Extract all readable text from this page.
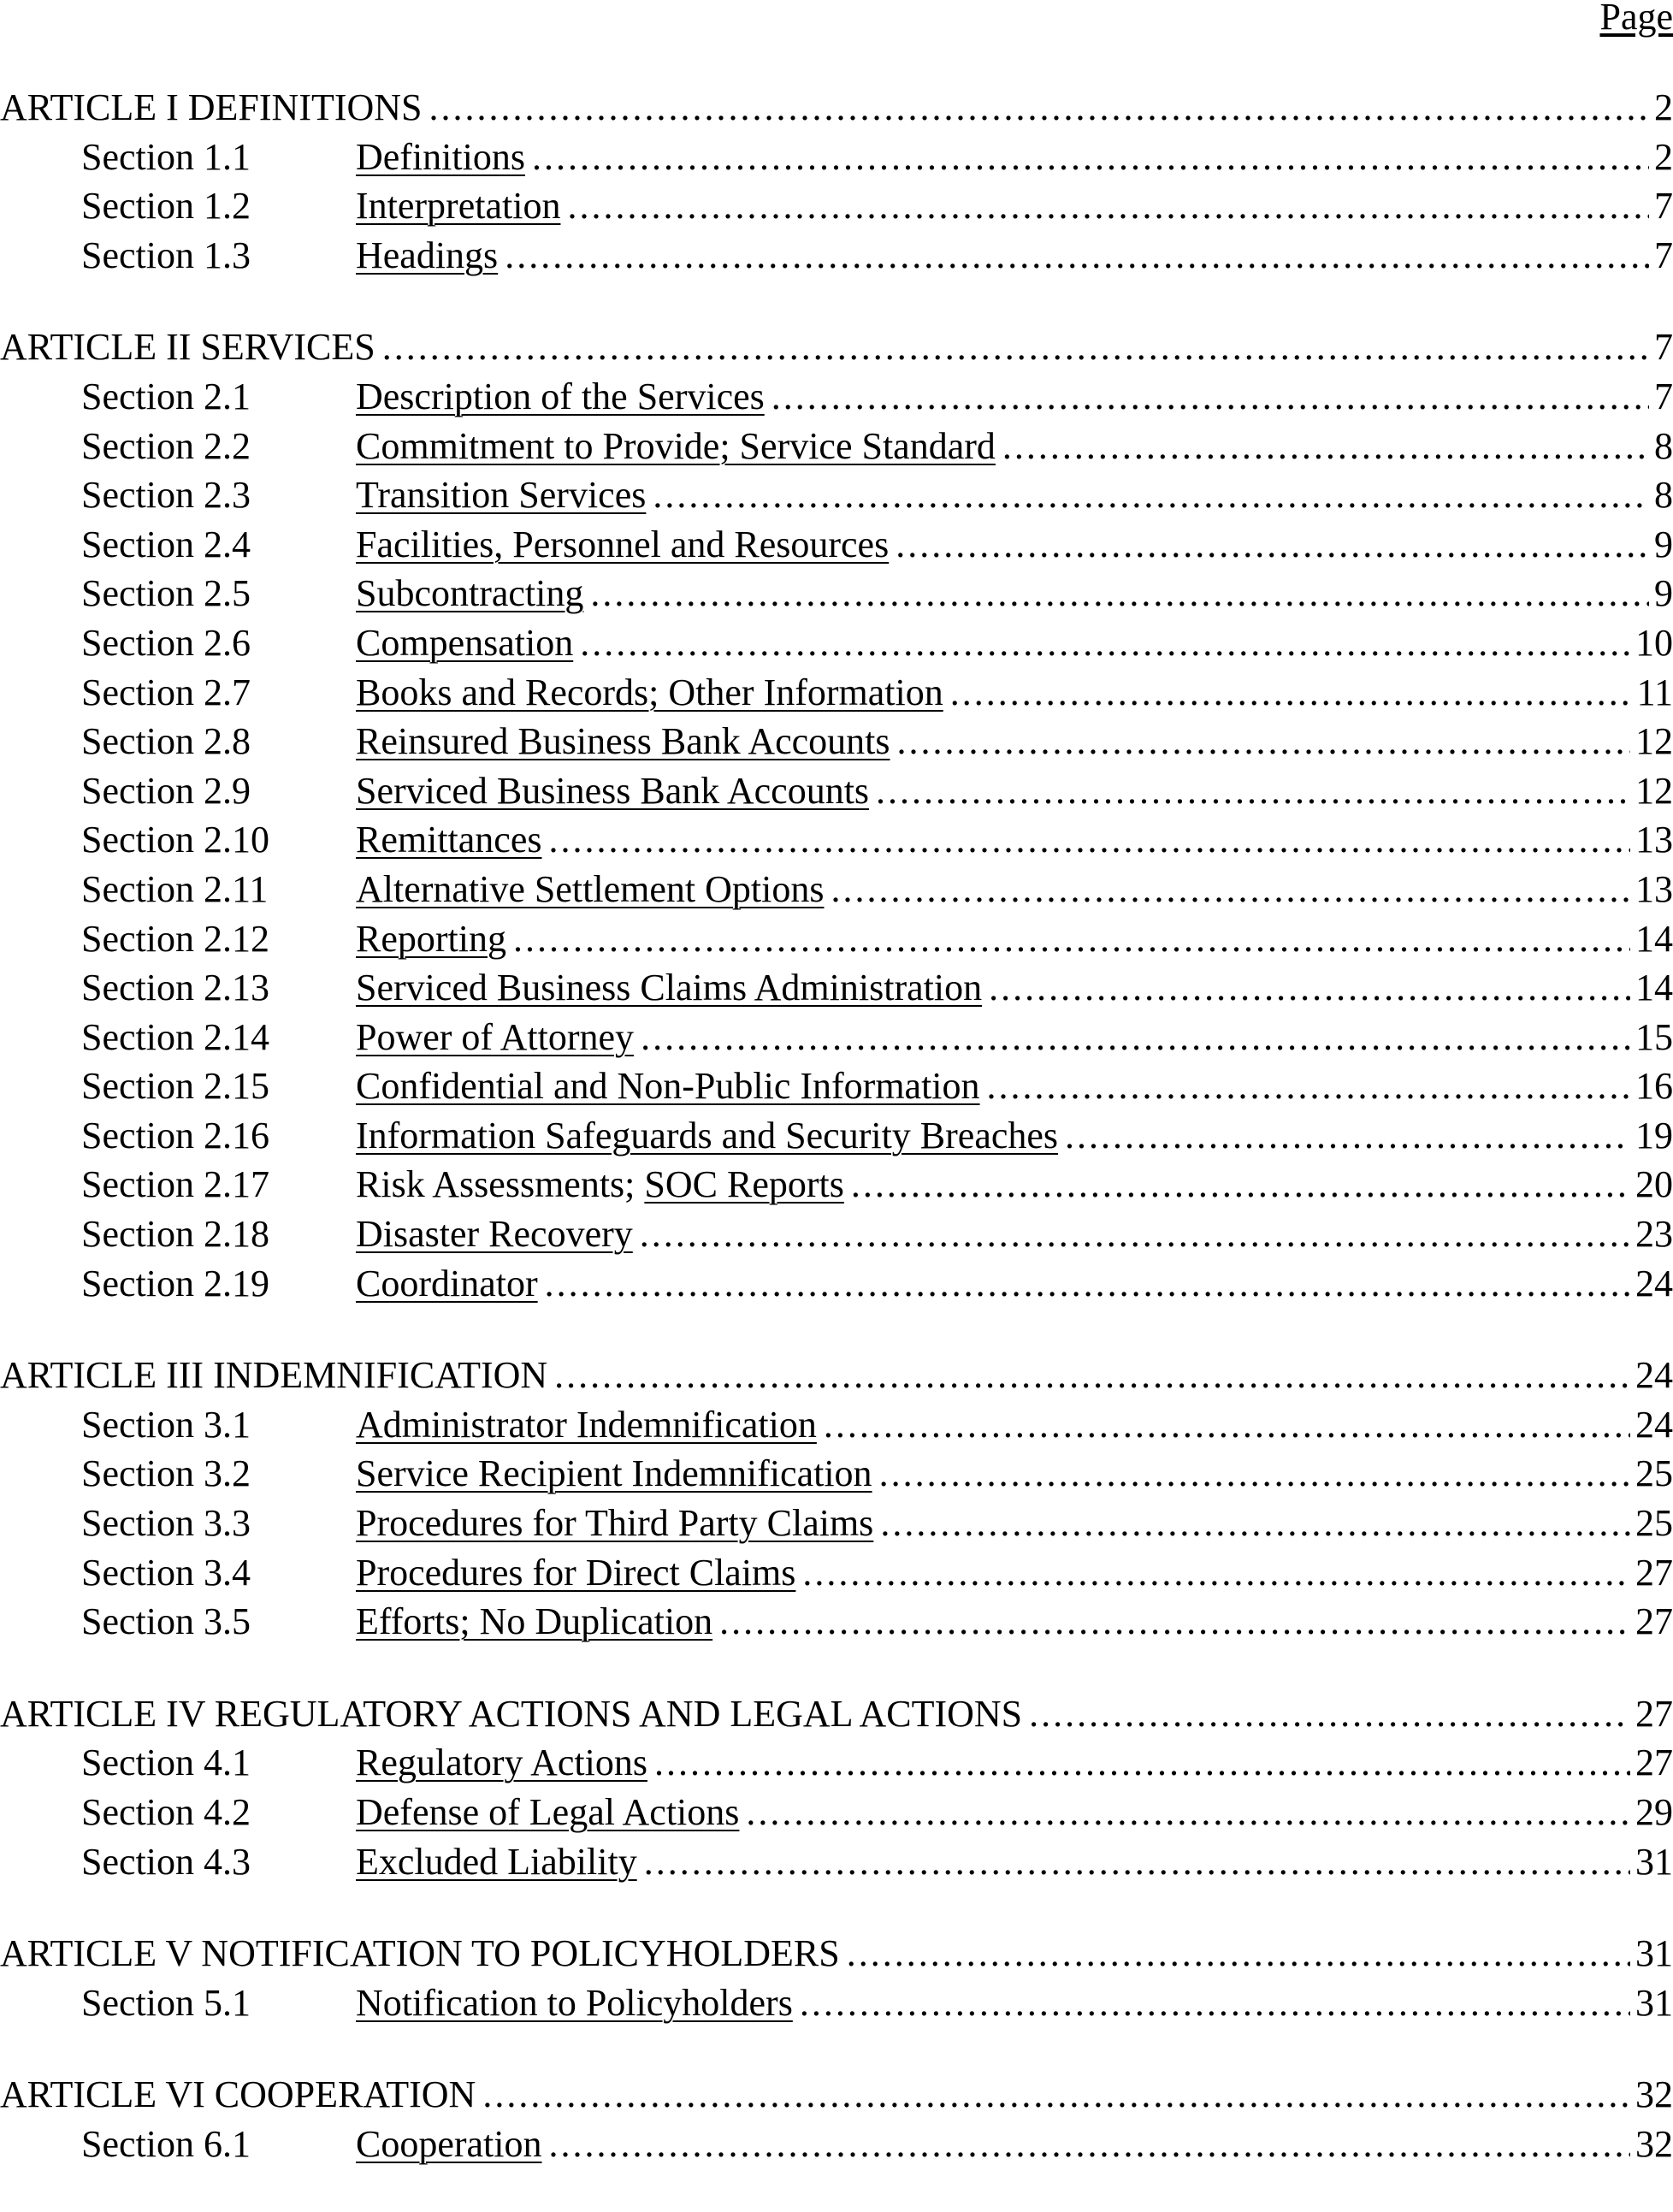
Page
ARTICLE I DEFINITIONS . . .	2
Section 1.1	Definitions . . .	2
Section 1.2	Interpretation . . .	7
Section 1.3	Headings . . .	7
ARTICLE II SERVICES . . .	7
Section 2.1	Description of the Services . . .	7
Section 2.2	Commitment to Provide; Service Standard . . .	8
Section 2.3	Transition Services . . .	8
Section 2.4	Facilities, Personnel and Resources . . .	9
Section 2.5	Subcontracting . . .	9
Section 2.6	Compensation . . .	10
Section 2.7	Books and Records; Other Information . . .	11
Section 2.8	Reinsured Business Bank Accounts . . .	12
Section 2.9	Serviced Business Bank Accounts . . .	12
Section 2.10	Remittances . . .	13
Section 2.11	Alternative Settlement Options . . .	13
Section 2.12	Reporting . . .	14
Section 2.13	Serviced Business Claims Administration . . .	14
Section 2.14	Power of Attorney . . .	15
Section 2.15	Confidential and Non-Public Information . . .	16
Section 2.16	Information Safeguards and Security Breaches . . .	19
Section 2.17	Risk Assessments; SOC Reports . . .	20
Section 2.18	Disaster Recovery . . .	23
Section 2.19	Coordinator . . .	24
ARTICLE III INDEMNIFICATION . . .	24
Section 3.1	Administrator Indemnification . . .	24
Section 3.2	Service Recipient Indemnification . . .	25
Section 3.3	Procedures for Third Party Claims . . .	25
Section 3.4	Procedures for Direct Claims . . .	27
Section 3.5	Efforts; No Duplication . . .	27
ARTICLE IV REGULATORY ACTIONS AND LEGAL ACTIONS . . .	27
Section 4.1	Regulatory Actions . . .	27
Section 4.2	Defense of Legal Actions . . .	29
Section 4.3	Excluded Liability . . .	31
ARTICLE V NOTIFICATION TO POLICYHOLDERS . . .	31
Section 5.1	Notification to Policyholders . . .	31
ARTICLE VI COOPERATION . . .	32
Section 6.1	Cooperation . . .	32
